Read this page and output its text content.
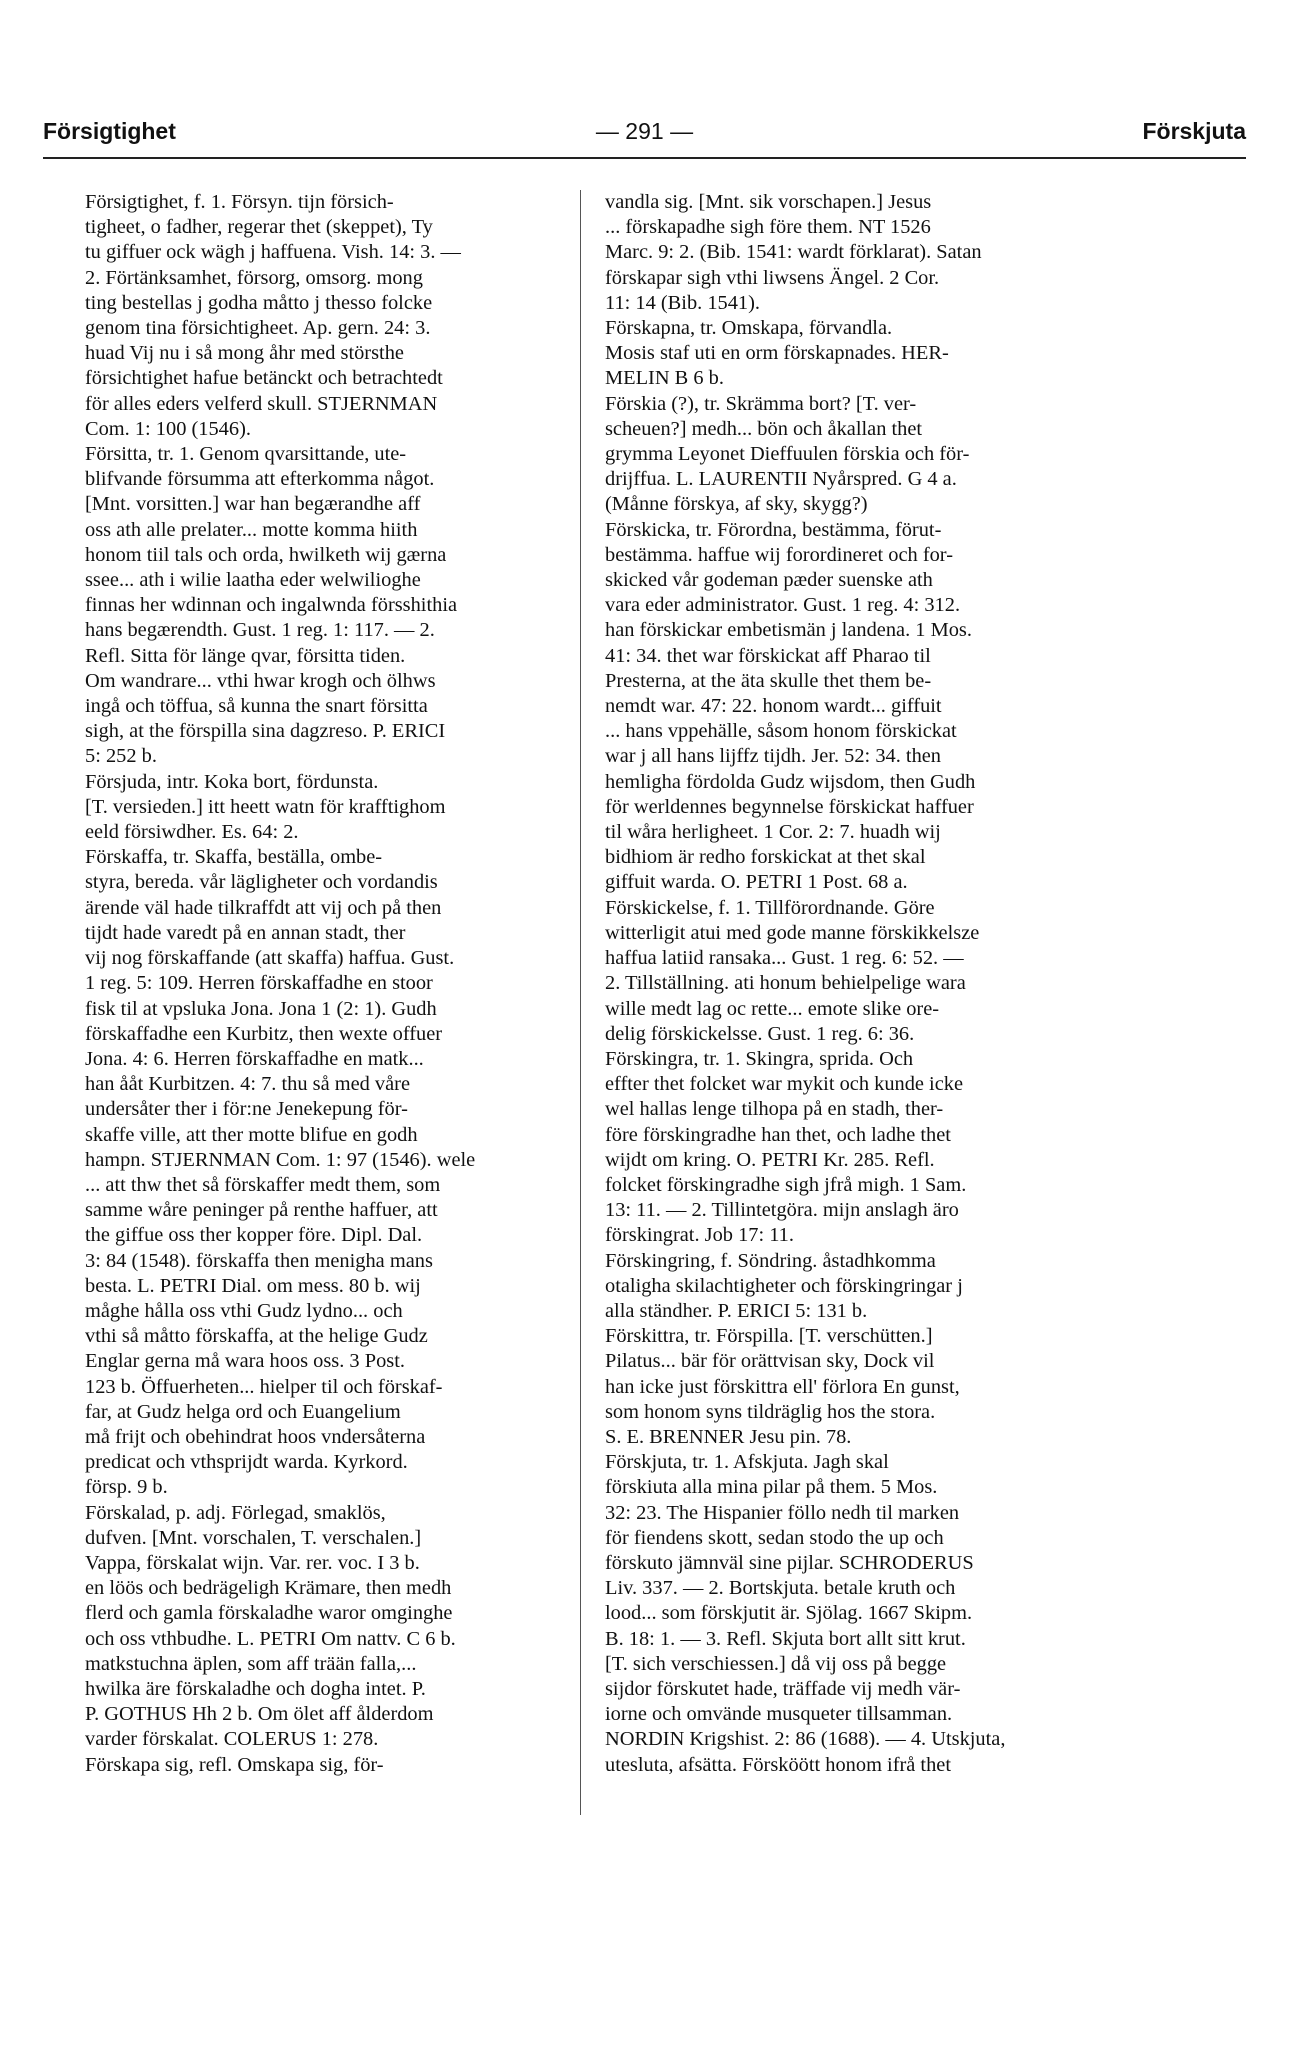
Försigtighet	— 291 —	Förskjuta
Försigtighet, f. 1. Försyn. tijn försich-
tigheet, o fadher, regerar thet (skeppet), Ty
tu giffuer ock wägh j haffuena. Vish. 14: 3. —
2. Förtänksamhet, försorg, omsorg. mong
ting bestellas j godha måtto j thesso folcke
genom tina försichtigheet. Ap. gern. 24: 3.
huad Vij nu i så mong åhr med störsthe
försichtighet hafue betänckt och betrachtedt
för alles eders velferd skull. STJERNMAN
Com. 1: 100 (1546).
Försitta, tr. 1. Genom qvarsittande, ute-
blifvande försumma att efterkomma något.
[Mnt. vorsitten.] war han begærandhe aff
oss ath alle prelater... motte komma hiith
honom tiil tals och orda, hwilketh wij gærna
ssee... ath i wilie laatha eder welwilioghe
finnas her wdinnan och ingalwnda försshithia
hans begærendth. Gust. 1 reg. 1: 117. — 2.
Refl. Sitta för länge qvar, försitta tiden.
Om wandrare... vthi hwar krogh och ölhws
ingå och töffua, så kunna the snart försitta
sigh, at the förspilla sina dagzreso. P. ERICI
5: 252 b.
Försjuda, intr. Koka bort, fördunsta.
[T. versieden.] itt heett watn för krafftighom
eeld försiwdher. Es. 64: 2.
Förskaffa, tr. Skaffa, beställa, ombe-
styra, bereda. vår lägligheter och vordandis
ärende väl hade tilkraffdt att vij och på then
tijdt hade varedt på en annan stadt, ther
vij nog förskaffande (att skaffa) haffua. Gust.
1 reg. 5: 109. Herren förskaffadhe en stoor
fisk til at vpsluka Jona. Jona 1 (2: 1). Gudh
förskaffadhe een Kurbitz, then wexte offuer
Jona. 4: 6. Herren förskaffadhe en matk...
han ååt Kurbitzen. 4: 7. thu så med våre
undersåter ther i för:ne Jenekepung för-
skaffe ville, att ther motte blifue en godh
hampn. STJERNMAN Com. 1: 97 (1546). wele
... att thw thet så förskaffer medt them, som
samme wåre peninger på renthe haffuer, att
the giffue oss ther kopper före. Dipl. Dal.
3: 84 (1548). förskaffa then menigha mans
besta. L. PETRI Dial. om mess. 80 b. wij
måghe hålla oss vthi Gudz lydno... och
vthi så måtto förskaffa, at the helige Gudz
Englar gerna må wara hoos oss. 3 Post.
123 b. Öffuerheten... hielper til och förskaf-
far, at Gudz helga ord och Euangelium
må frijt och obehindrat hoos vndersåterna
predicat och vthsprijdt warda. Kyrkord.
försp. 9 b.
Förskalad, p. adj. Förlegad, smaklös,
dufven. [Mnt. vorschalen, T. verschalen.]
Vappa, förskalat wijn. Var. rer. voc. I 3 b.
en löös och bedrägeligh Krämare, then medh
flerd och gamla förskaladhe waror omginghe
och oss vthbudhe. L. PETRI Om nattv. C 6 b.
matkstuchna äplen, som aff trään falla,...
hwilka äre förskaladhe och dogha intet. P.
P. GOTHUS Hh 2 b. Om ölet aff ålderdom
varder förskalat. COLERUS 1: 278.
Förskapa sig, refl. Omskapa sig, för-
vandla sig. [Mnt. sik vorschapen.] Jesus
... förskapadhe sigh före them. NT 1526
Marc. 9: 2. (Bib. 1541: wardt förklarat). Satan
förskapar sigh vthi liwsens Ängel. 2 Cor.
11: 14 (Bib. 1541).
Förskapna, tr. Omskapa, förvandla.
Mosis staf uti en orm förskapnades. HER-
MELIN B 6 b.
Förskia (?), tr. Skrämma bort? [T. ver-
scheuen?] medh... bön och åkallan thet
grymma Leyonet Dieffuulen förskia och för-
drijffua. L. LAURENTII Nyårspred. G 4 a.
(Månne förskya, af sky, skygg?)
Förskicka, tr. Förordna, bestämma, förut-
bestämma. haffue wij forordineret och for-
skicked vår godeman pæder suenske ath
vara eder administrator. Gust. 1 reg. 4: 312.
han förskickar embetismän j landena. 1 Mos.
41: 34. thet war förskickat aff Pharao til
Presterna, at the äta skulle thet them be-
nemdt war. 47: 22. honom wardt... giffuit
... hans vppehälle, såsom honom förskickat
war j all hans lijffz tijdh. Jer. 52: 34. then
hemligha fördolda Gudz wijsdom, then Gudh
för werldennes begynnelse förskickat haffuer
til wåra herligheet. 1 Cor. 2: 7. huadh wij
bidhiom är redho forskickat at thet skal
giffuit warda. O. PETRI 1 Post. 68 a.
Förskickelse, f. 1. Tillförordnande. Göre
witterligit atui med gode manne förskikkelsze
haffua latiid ransaka... Gust. 1 reg. 6: 52. —
2. Tillställning. ati honum behielpelige wara
wille medt lag oc rette... emote slike ore-
delig förskickelsse. Gust. 1 reg. 6: 36.
Förskingra, tr. 1. Skingra, sprida. Och
effter thet folcket war mykit och kunde icke
wel hallas lenge tilhopa på en stadh, ther-
före förskingradhe han thet, och ladhe thet
wijdt om kring. O. PETRI Kr. 285. Refl.
folcket förskingradhe sigh jfrå migh. 1 Sam.
13: 11. — 2. Tillintetgöra. mijn anslagh äro
förskingrat. Job 17: 11.
Förskingring, f. Söndring. åstadhkomma
otaligha skilachtigheter och förskingringar j
alla ständher. P. ERICI 5: 131 b.
Förskittra, tr. Förspilla. [T. verschütten.]
Pilatus... bär för orättvisan sky, Dock vil
han icke just förskittra ell' förlora En gunst,
som honom syns tildräglig hos the stora.
S. E. BRENNER Jesu pin. 78.
Förskjuta, tr. 1. Afskjuta. Jagh skal
förskiuta alla mina pilar på them. 5 Mos.
32: 23. The Hispanier föllo nedh til marken
för fiendens skott, sedan stodo the up och
förskuto jämnväl sine pijlar. SCHRODERUS
Liv. 337. — 2. Bortskjuta. betale kruth och
lood... som förskjutit är. Sjölag. 1667 Skipm.
B. 18: 1. — 3. Refl. Skjuta bort allt sitt krut.
[T. sich verschiessen.] då vij oss på begge
sijdor förskutet hade, träffade vij medh vär-
iorne och omvände musqueter tillsamman.
NORDIN Krigshist. 2: 86 (1688). — 4. Utskjuta,
utesluta, afsätta. Försköött honom ifrå thet
